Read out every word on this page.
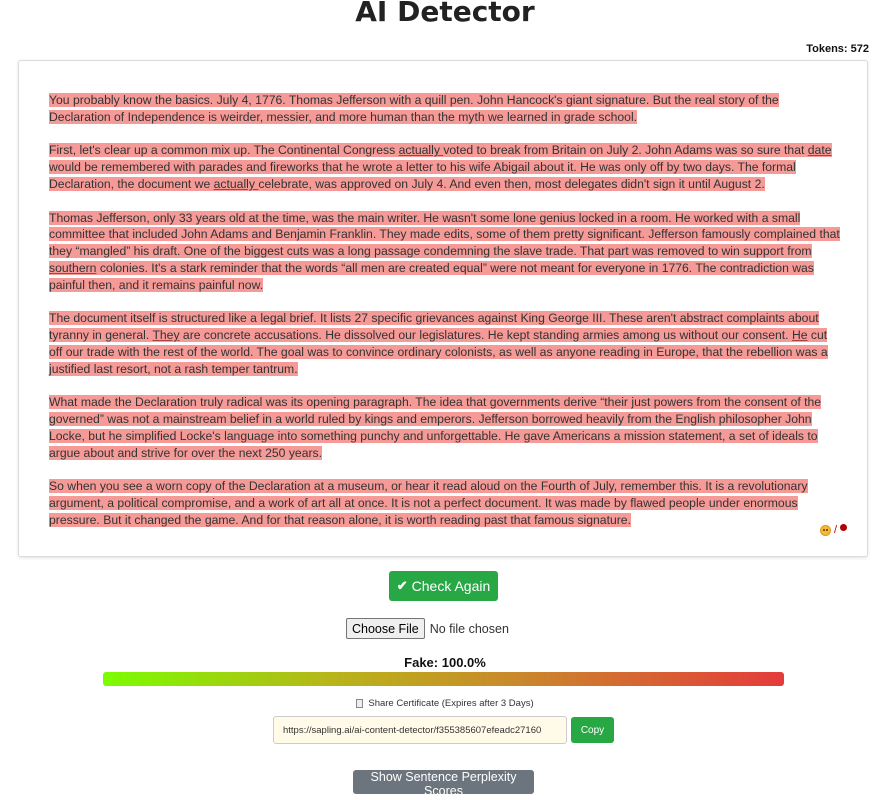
AI Detector
Tokens: 572

You probably know the basics. July 4, 1776. Thomas Jefferson with a quill pen. John Hancock's giant signature. But the real story of the Declaration of Independence is weirder, messier, and more human than the myth we learned in grade school.

First, let's clear up a common mix up. The Continental Congress actually voted to break from Britain on July 2. John Adams was so sure that date would be remembered with parades and fireworks that he wrote a letter to his wife Abigail about it. He was only off by two days. The formal Declaration, the document we actually celebrate, was approved on July 4. And even then, most delegates didn't sign it until August 2.

Thomas Jefferson, only 33 years old at the time, was the main writer. He wasn't some lone genius locked in a room. He worked with a small committee that included John Adams and Benjamin Franklin. They made edits, some of them pretty significant. Jefferson famously complained that they “mangled” his draft. One of the biggest cuts was a long passage condemning the slave trade. That part was removed to win support from southern colonies. It's a stark reminder that the words “all men are created equal” were not meant for everyone in 1776. The contradiction was painful then, and it remains painful now.

The document itself is structured like a legal brief. It lists 27 specific grievances against King George III. These aren't abstract complaints about tyranny in general. They are concrete accusations. He dissolved our legislatures. He kept standing armies among us without our consent. He cut off our trade with the rest of the world. The goal was to convince ordinary colonists, as well as anyone reading in Europe, that the rebellion was a justified last resort, not a rash temper tantrum.

What made the Declaration truly radical was its opening paragraph. The idea that governments derive “their just powers from the consent of the governed” was not a mainstream belief in a world ruled by kings and emperors. Jefferson borrowed heavily from the English philosopher John Locke, but he simplified Locke's language into something punchy and unforgettable. He gave Americans a mission statement, a set of ideals to argue about and strive for over the next 250 years.

So when you see a worn copy of the Declaration at a museum, or hear it read aloud on the Fourth of July, remember this. It is a revolutionary argument, a political compromise, and a work of art all at once. It is not a perfect document. It was made by flawed people under enormous pressure. But it changed the game. And for that reason alone, it is worth reading past that famous signature.

/
✔ Check Again
Choose File No file chosen
Fake: 100.0%
Share Certificate (Expires after 3 Days)
https://sapling.ai/ai-content-detector/f355385607efeadc27160
Copy
Show Sentence Perplexity Scores
